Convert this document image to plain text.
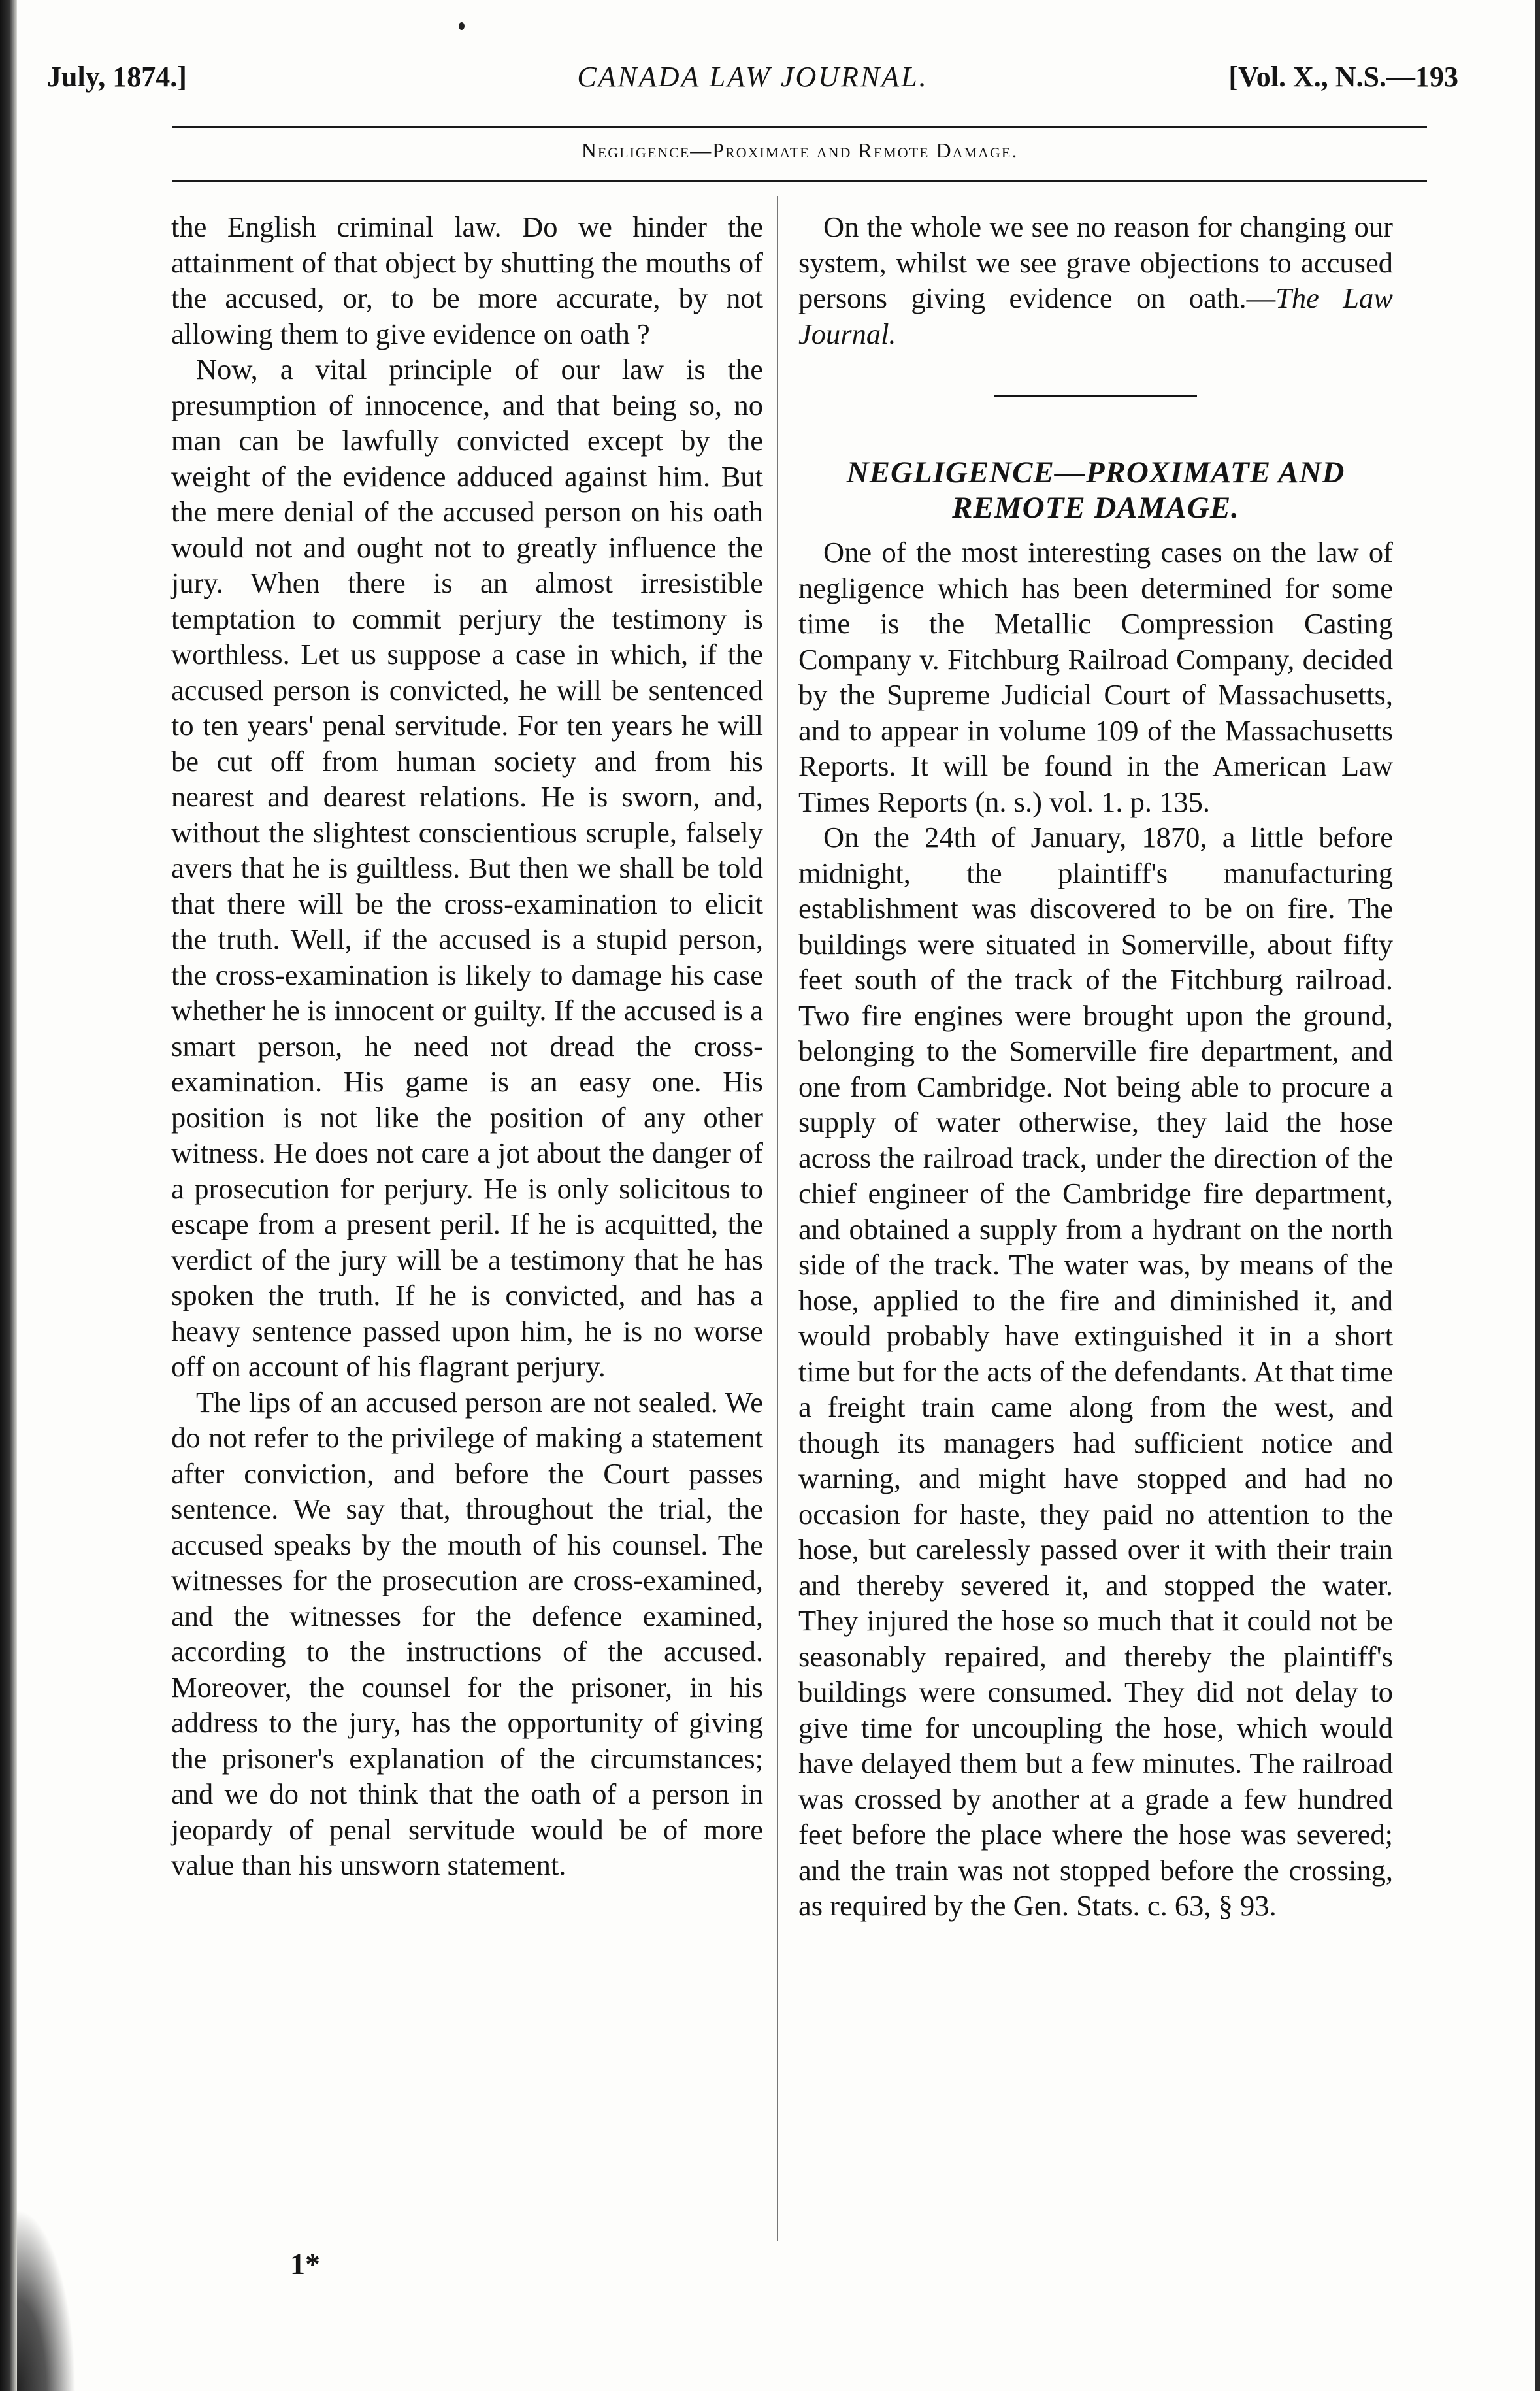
July, 1874.]	CANADA LAW JOURNAL.	[Vol. X., N.S.—193
Negligence—Proximate and Remote Damage.

the English criminal law. Do we hinder the attainment of that object by shutting the mouths of the accused, or, to be more accurate, by not allowing them to give evidence on oath ?

Now, a vital principle of our law is the presumption of innocence, and that being so, no man can be lawfully convicted except by the weight of the evidence adduced against him. But the mere denial of the accused person on his oath would not and ought not to greatly influence the jury. When there is an almost irresistible temptation to commit perjury the testimony is worthless. Let us suppose a case in which, if the accused person is convicted, he will be sentenced to ten years' penal servitude. For ten years he will be cut off from human society and from his nearest and dearest relations. He is sworn, and, without the slightest conscientious scruple, falsely avers that he is guiltless. But then we shall be told that there will be the cross-examination to elicit the truth. Well, if the accused is a stupid person, the cross-examination is likely to damage his case whether he is innocent or guilty. If the accused is a smart person, he need not dread the cross-examination. His game is an easy one. His position is not like the position of any other witness. He does not care a jot about the danger of a prosecution for perjury. He is only solicitous to escape from a present peril. If he is acquitted, the verdict of the jury will be a testimony that he has spoken the truth. If he is convicted, and has a heavy sentence passed upon him, he is no worse off on account of his flagrant perjury.

The lips of an accused person are not sealed. We do not refer to the privilege of making a statement after conviction, and before the Court passes sentence. We say that, throughout the trial, the accused speaks by the mouth of his counsel. The witnesses for the prosecution are cross-examined, and the witnesses for the defence examined, according to the instructions of the accused. Moreover, the counsel for the prisoner, in his address to the jury, has the opportunity of giving the prisoner's explanation of the circumstances; and we do not think that the oath of a person in jeopardy of penal servitude would be of more value than his unsworn statement.

1*

On the whole we see no reason for changing our system, whilst we see grave objections to accused persons giving evidence on oath.—The Law Journal.

NEGLIGENCE—PROXIMATE AND
REMOTE DAMAGE.

One of the most interesting cases on the law of negligence which has been determined for some time is the Metallic Compression Casting Company v. Fitchburg Railroad Company, decided by the Supreme Judicial Court of Massachusetts, and to appear in volume 109 of the Massachusetts Reports. It will be found in the American Law Times Reports (n. s.) vol. 1. p. 135.

On the 24th of January, 1870, a little before midnight, the plaintiff's manufacturing establishment was discovered to be on fire. The buildings were situated in Somerville, about fifty feet south of the track of the Fitchburg railroad. Two fire engines were brought upon the ground, belonging to the Somerville fire department, and one from Cambridge. Not being able to procure a supply of water otherwise, they laid the hose across the railroad track, under the direction of the chief engineer of the Cambridge fire department, and obtained a supply from a hydrant on the north side of the track. The water was, by means of the hose, applied to the fire and diminished it, and would probably have extinguished it in a short time but for the acts of the defendants. At that time a freight train came along from the west, and though its managers had sufficient notice and warning, and might have stopped and had no occasion for haste, they paid no attention to the hose, but carelessly passed over it with their train and thereby severed it, and stopped the water. They injured the hose so much that it could not be seasonably repaired, and thereby the plaintiff's buildings were consumed. They did not delay to give time for uncoupling the hose, which would have delayed them but a few minutes. The railroad was crossed by another at a grade a few hundred feet before the place where the hose was severed; and the train was not stopped before the crossing, as required by the Gen. Stats. c. 63, § 93.
